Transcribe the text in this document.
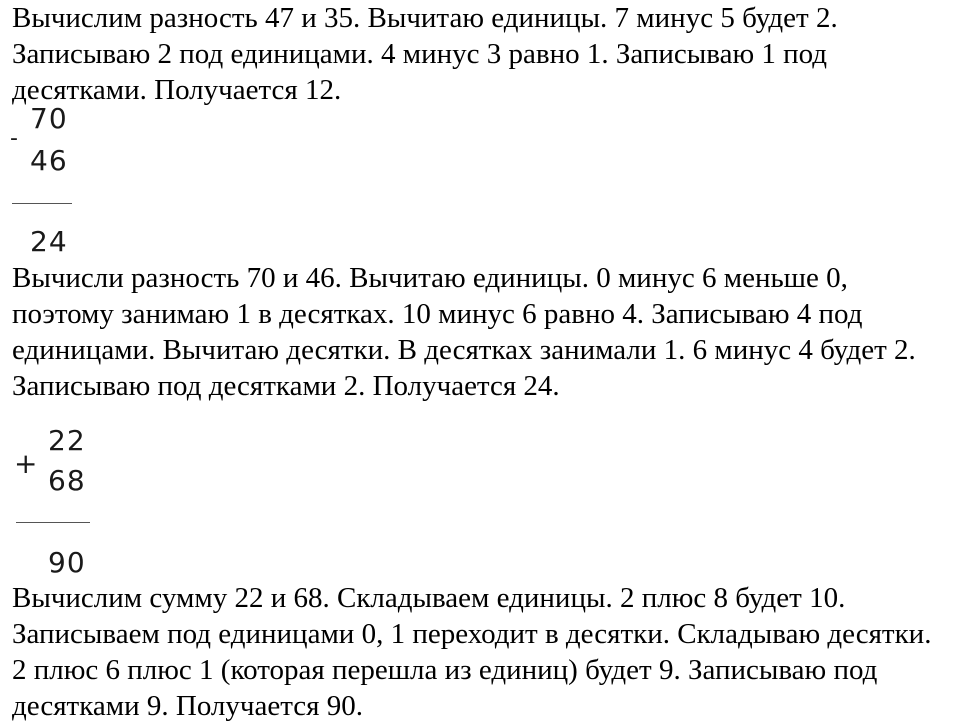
Вычислим разность 47 и 35. Вычитаю единицы. 7 минус 5 будет 2. Записываю 2 под единицами. 4 минус 3 равно 1. Записываю 1 под десятками. Получается 12.

-
70
46
24

Вычисли разность 70 и 46. Вычитаю единицы. 0 минус 6 меньше 0, поэтому занимаю 1 в десятках. 10 минус 6 равно 4. Записываю 4 под единицами. Вычитаю десятки. В десятках занимали 1. 6 минус 4 будет 2. Записываю под десятками 2. Получается 24.

+
22
68
90

Вычислим сумму 22 и 68. Складываем единицы. 2 плюс 8 будет 10. Записываем под единицами 0, 1 переходит в десятки. Складываю десятки. 2 плюс 6 плюс 1 (которая перешла из единиц) будет 9. Записываю под десятками 9. Получается 90.
